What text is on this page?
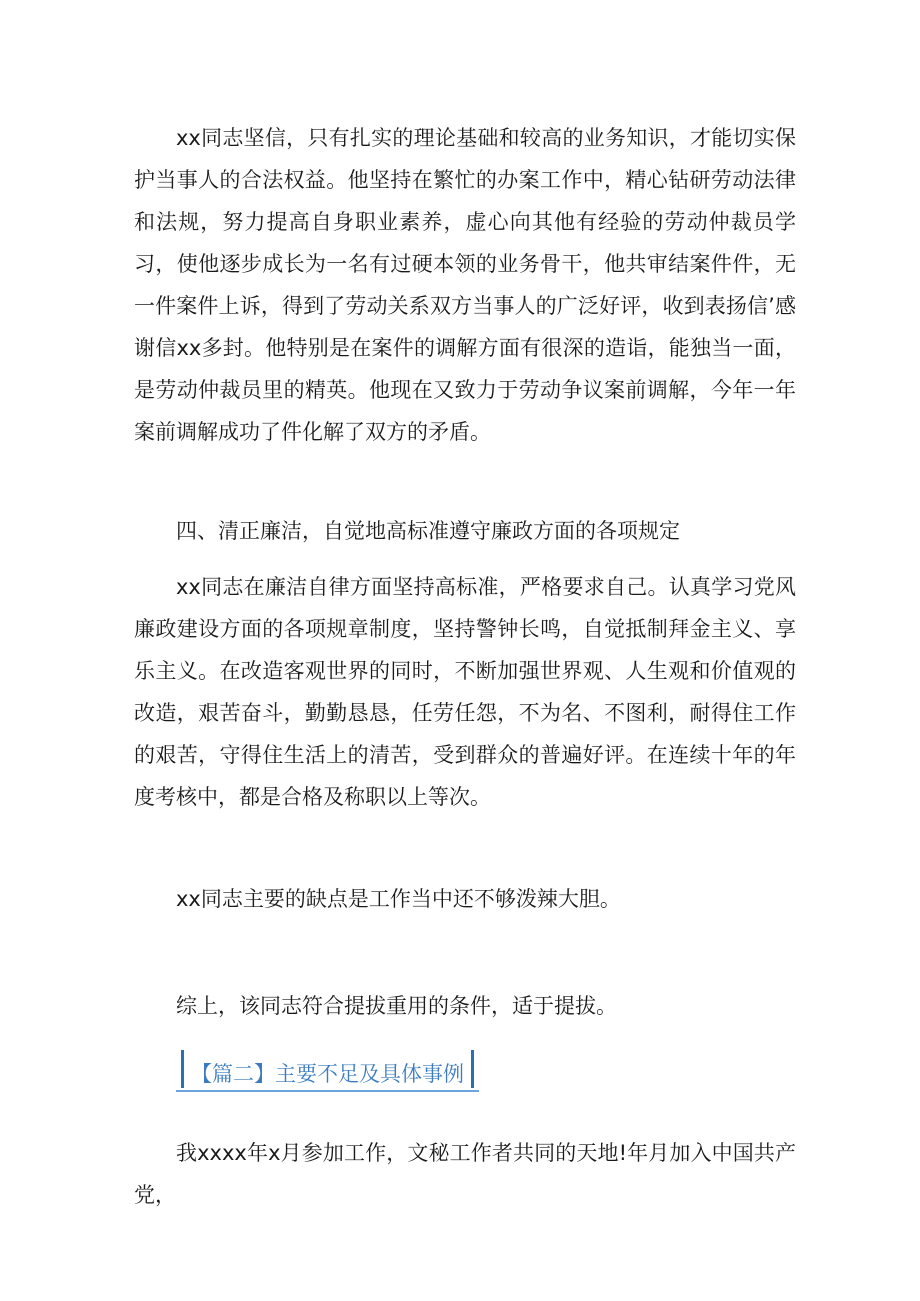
xx同志坚信，只有扎实的理论基础和较高的业务知识，才能切实保护当事人的合法权益。他坚持在繁忙的办案工作中，精心钻研劳动法律和法规，努力提高自身职业素养，虚心向其他有经验的劳动仲裁员学习，使他逐步成长为一名有过硬本领的业务骨干，他共审结案件件，无一件案件上诉，得到了劳动关系双方当事人的广泛好评，收到表扬信’感谢信xx多封。他特别是在案件的调解方面有很深的造诣，能独当一面，是劳动仲裁员里的精英。他现在又致力于劳动争议案前调解，今年一年案前调解成功了件化解了双方的矛盾。

四、清正廉洁，自觉地高标准遵守廉政方面的各项规定

xx同志在廉洁自律方面坚持高标准，严格要求自己。认真学习党风廉政建设方面的各项规章制度，坚持警钟长鸣，自觉抵制拜金主义、享乐主义。在改造客观世界的同时，不断加强世界观、人生观和价值观的改造，艰苦奋斗，勤勤恳恳，任劳任怨，不为名、不图利，耐得住工作的艰苦，守得住生活上的清苦，受到群众的普遍好评。在连续十年的年度考核中，都是合格及称职以上等次。

xx同志主要的缺点是工作当中还不够泼辣大胆。

综上，该同志符合提拔重用的条件，适于提拔。

【篇二】主要不足及具体事例

我xxxx年x月参加工作，文秘工作者共同的天地!年月加入中国共产党，
